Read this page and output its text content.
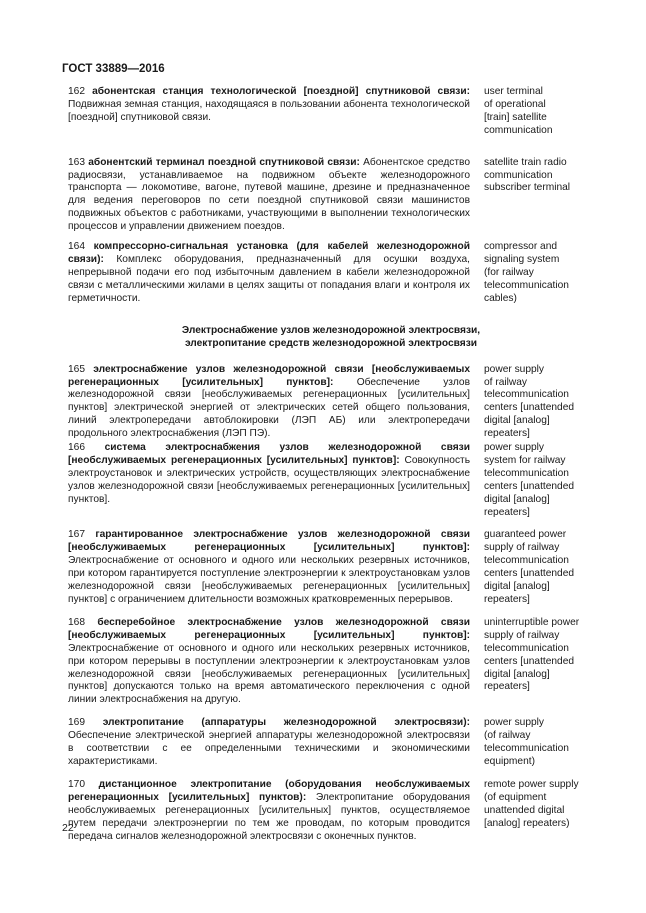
ГОСТ 33889—2016
162 абонентская станция технологической [поездной] спутниковой связи: Подвижная земная станция, находящаяся в пользовании абонента технологической [поездной] спутниковой связи.
user terminal
of operational
[train] satellite
communication
163 абонентский терминал поездной спутниковой связи: Абонентское средство радиосвязи, устанавливаемое на подвижном объекте железнодорожного транспорта — локомотиве, вагоне, путевой машине, дрезине и предназначенное для ведения переговоров по сети поездной спутниковой связи машинистов подвижных объектов с работниками, участвующими в выполнении технологических процессов и управлении движением поездов.
satellite train radio
communication
subscriber terminal
164 компрессорно-сигнальная установка (для кабелей железнодорожной связи): Комплекс оборудования, предназначенный для осушки воздуха, непрерывной подачи его под избыточным давлением в кабели железнодорожной связи с металлическими жилами в целях защиты от попадания влаги и контроля их герметичности.
compressor and
signaling system
(for railway
telecommunication
cables)
Электроснабжение узлов железнодорожной электросвязи,
электропитание средств железнодорожной электросвязи
165 электроснабжение узлов железнодорожной связи [необслуживаемых регенерационных [усилительных] пунктов]: Обеспечение узлов железнодорожной связи [необслуживаемых регенерационных [усилительных] пунктов] электрической энергией от электрических сетей общего пользования, линий электропередачи автоблокировки (ЛЭП АБ) или электропередачи продольного электроснабжения (ЛЭП ПЭ).
power supply
of railway
telecommunication
centers [unattended
digital [analog]
repeaters]
166 система электроснабжения узлов железнодорожной связи [необслуживаемых регенерационных [усилительных] пунктов]: Совокупность электроустановок и электрических устройств, осуществляющих электроснабжение узлов железнодорожной связи [необслуживаемых регенерационных [усилительных] пунктов].
power supply
system for railway
telecommunication
centers [unattended
digital [analog]
repeaters]
167 гарантированное электроснабжение узлов железнодорожной связи [необслуживаемых регенерационных [усилительных] пунктов]: Электроснабжение от основного и одного или нескольких резервных источников, при котором гарантируется поступление электроэнергии к электроустановкам узлов железнодорожной связи [необслуживаемых регенерационных [усилительных] пунктов] с ограничением длительности возможных кратковременных перерывов.
guaranteed power
supply of railway
telecommunication
centers [unattended
digital [analog]
repeaters]
168 бесперебойное электроснабжение узлов железнодорожной связи [необслуживаемых регенерационных [усилительных] пунктов]: Электроснабжение от основного и одного или нескольких резервных источников, при котором перерывы в поступлении электроэнергии к электроустановкам узлов железнодорожной связи [необслуживаемых регенерационных [усилительных] пунктов] допускаются только на время автоматического переключения с одной линии электроснабжения на другую.
uninterruptible power
supply of railway
telecommunication
centers [unattended
digital [analog]
repeaters]
169 электропитание (аппаратуры железнодорожной электросвязи): Обеспечение электрической энергией аппаратуры железнодорожной электросвязи в соответствии с ее определенными техническими и экономическими характеристиками.
power supply
(of railway
telecommunication
equipment)
170 дистанционное электропитание (оборудования необслуживаемых регенерационных [усилительных] пунктов): Электропитание оборудования необслуживаемых регенерационных [усилительных] пунктов, осуществляемое путем передачи электроэнергии по тем же проводам, по которым проводится передача сигналов железнодорожной электросвязи с оконечных пунктов.
remote power supply
(of equipment
unattended digital
[analog] repeaters)
22
